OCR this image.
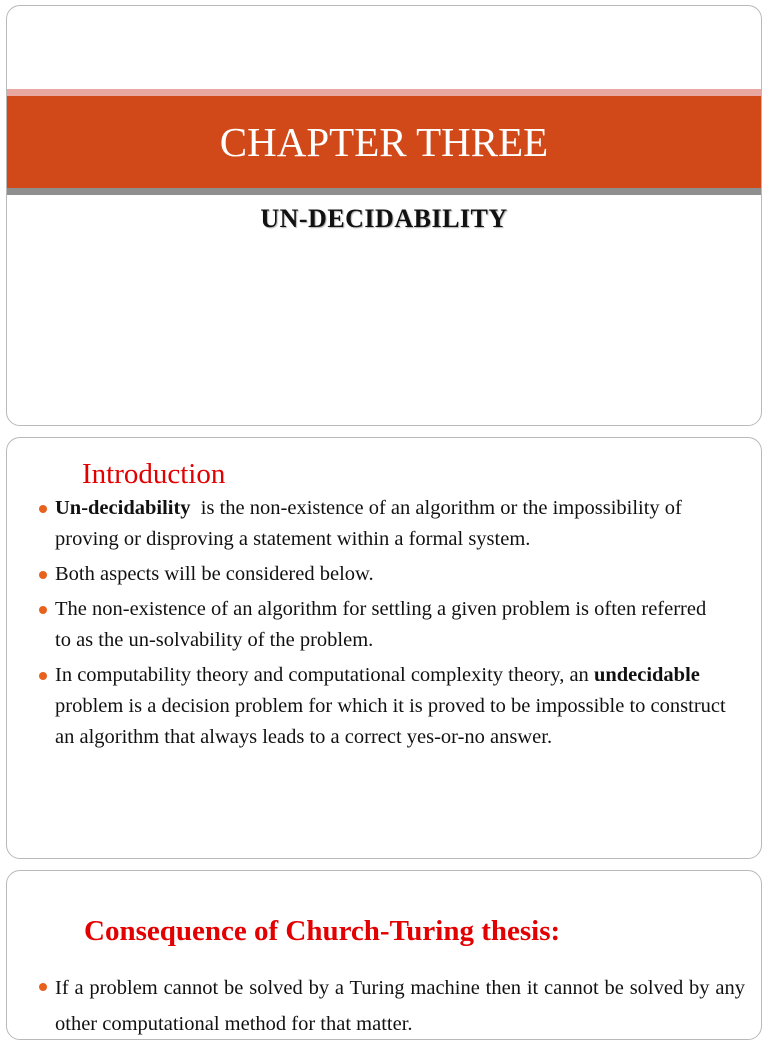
CHAPTER THREE
UN-DECIDABILITY
Introduction
Un-decidability  is the non-existence of an algorithm or the impossibility of proving or disproving a statement within a formal system.
Both aspects will be considered below.
The non-existence of an algorithm for settling a given problem is often referred to as the un-solvability of the problem.
In computability theory and computational complexity theory, an undecidable problem is a decision problem for which it is proved to be impossible to construct an algorithm that always leads to a correct yes-or-no answer.
Consequence of Church-Turing thesis:
If a problem cannot be solved by a Turing machine then it cannot be solved by any other computational method for that matter.
